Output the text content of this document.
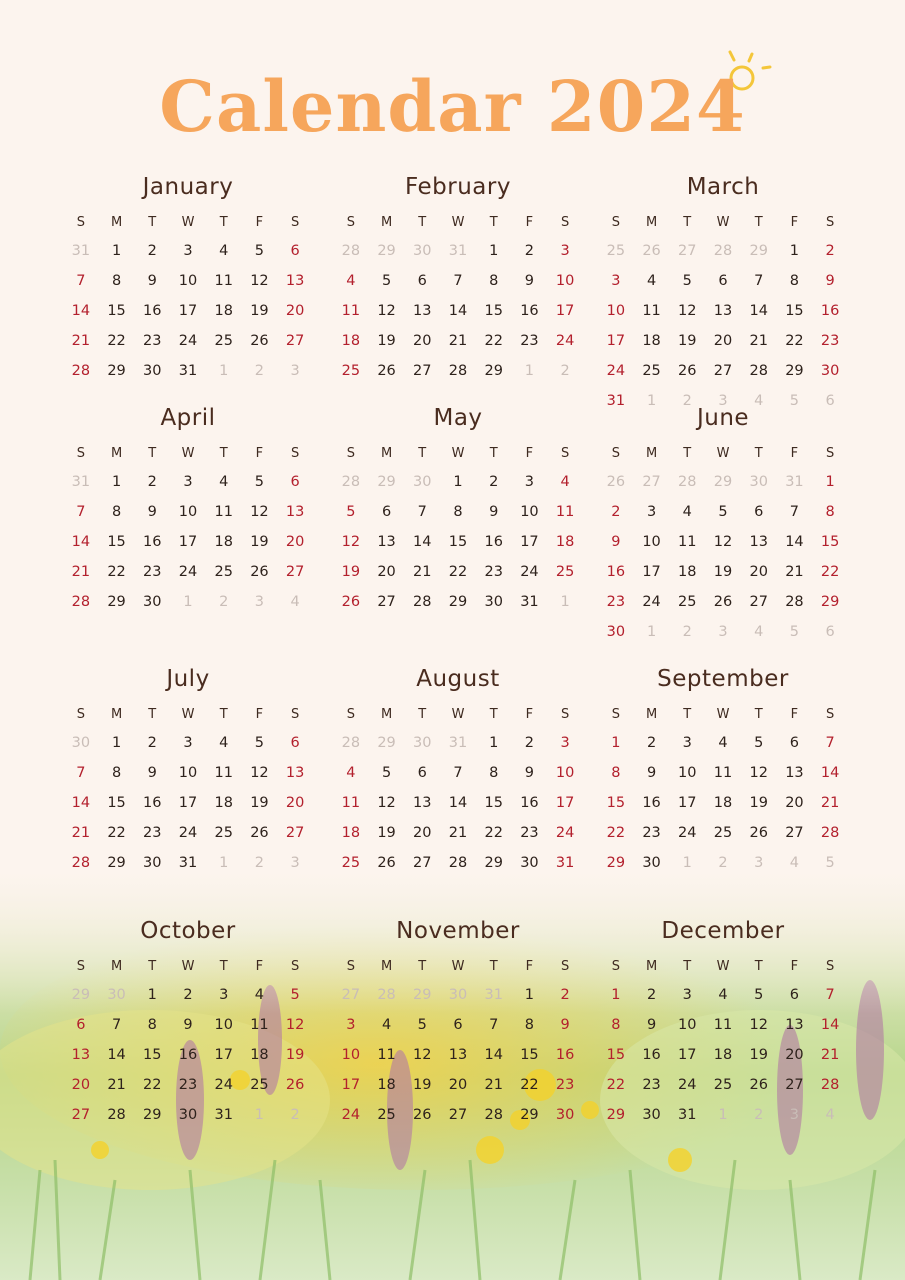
Calendar 2024
January
S	M	T	W	T	F	S
31	1	2	3	4	5	6
7	8	9	10	11	12	13
14	15	16	17	18	19	20
21	22	23	24	25	26	27
28	29	30	31	1	2	3
February
S	M	T	W	T	F	S
28	29	30	31	1	2	3
4	5	6	7	8	9	10
11	12	13	14	15	16	17
18	19	20	21	22	23	24
25	26	27	28	29	1	2
March
S	M	T	W	T	F	S
25	26	27	28	29	1	2
3	4	5	6	7	8	9
10	11	12	13	14	15	16
17	18	19	20	21	22	23
24	25	26	27	28	29	30
31	1	2	3	4	5	6
April
S	M	T	W	T	F	S
31	1	2	3	4	5	6
7	8	9	10	11	12	13
14	15	16	17	18	19	20
21	22	23	24	25	26	27
28	29	30	1	2	3	4
May
S	M	T	W	T	F	S
28	29	30	1	2	3	4
5	6	7	8	9	10	11
12	13	14	15	16	17	18
19	20	21	22	23	24	25
26	27	28	29	30	31	1
June
S	M	T	W	T	F	S
26	27	28	29	30	31	1
2	3	4	5	6	7	8
9	10	11	12	13	14	15
16	17	18	19	20	21	22
23	24	25	26	27	28	29
30	1	2	3	4	5	6
July
S	M	T	W	T	F	S
30	1	2	3	4	5	6
7	8	9	10	11	12	13
14	15	16	17	18	19	20
21	22	23	24	25	26	27
28	29	30	31	1	2	3
August
S	M	T	W	T	F	S
28	29	30	31	1	2	3
4	5	6	7	8	9	10
11	12	13	14	15	16	17
18	19	20	21	22	23	24
25	26	27	28	29	30	31
September
S	M	T	W	T	F	S
1	2	3	4	5	6	7
8	9	10	11	12	13	14
15	16	17	18	19	20	21
22	23	24	25	26	27	28
29	30	1	2	3	4	5
October
S	M	T	W	T	F	S
29	30	1	2	3	4	5
6	7	8	9	10	11	12
13	14	15	16	17	18	19
20	21	22	23	24	25	26
27	28	29	30	31	1	2
November
S	M	T	W	T	F	S
27	28	29	30	31	1	2
3	4	5	6	7	8	9
10	11	12	13	14	15	16
17	18	19	20	21	22	23
24	25	26	27	28	29	30
December
S	M	T	W	T	F	S
1	2	3	4	5	6	7
8	9	10	11	12	13	14
15	16	17	18	19	20	21
22	23	24	25	26	27	28
29	30	31	1	2	3	4
